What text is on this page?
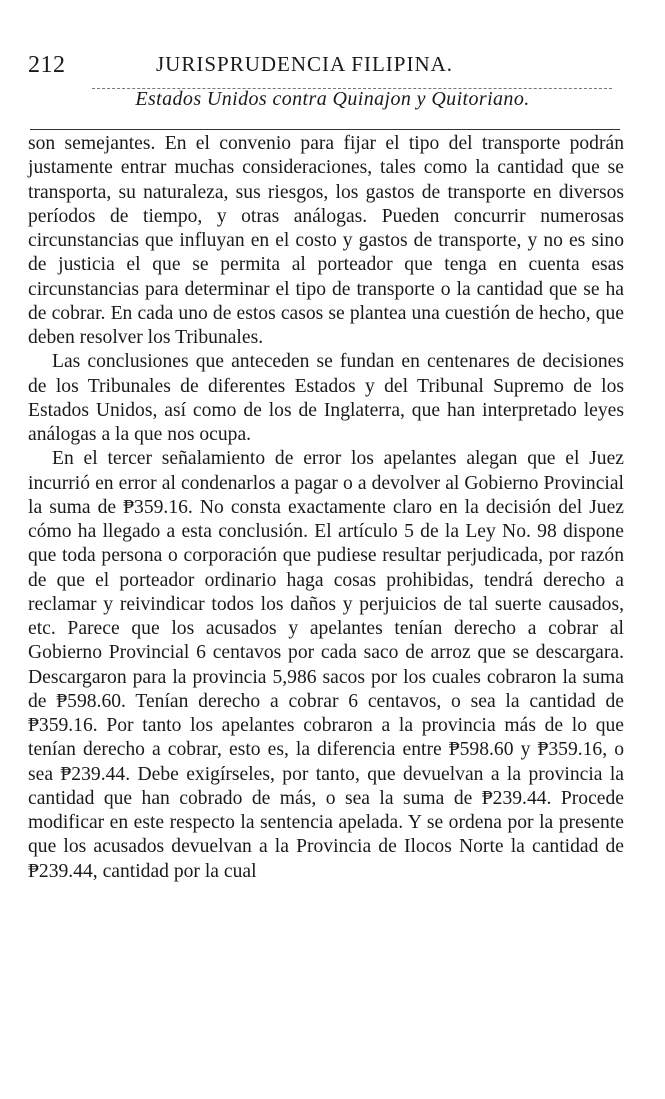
212	JURISPRUDENCIA FILIPINA.
Estados Unidos contra Quinajon y Quitoriano.

son semejantes. En el convenio para fijar el tipo del transporte podrán justamente entrar muchas consideraciones, tales como la cantidad que se transporta, su naturaleza, sus riesgos, los gastos de transporte en diversos períodos de tiempo, y otras análogas. Pueden concurrir numerosas circunstancias que influyan en el costo y gastos de transporte, y no es sino de justicia el que se permita al porteador que tenga en cuenta esas circunstancias para determinar el tipo de transporte o la cantidad que se ha de cobrar. En cada uno de estos casos se plantea una cuestión de hecho, que deben resolver los Tribunales.

Las conclusiones que anteceden se fundan en centenares de decisiones de los Tribunales de diferentes Estados y del Tribunal Supremo de los Estados Unidos, así como de los de Inglaterra, que han interpretado leyes análogas a la que nos ocupa.

En el tercer señalamiento de error los apelantes alegan que el Juez incurrió en error al condenarlos a pagar o a devolver al Gobierno Provincial la suma de ₱359.16. No consta exactamente claro en la decisión del Juez cómo ha llegado a esta conclusión. El artículo 5 de la Ley No. 98 dispone que toda persona o corporación que pudiese resultar perjudicada, por razón de que el porteador ordinario haga cosas prohibidas, tendrá derecho a reclamar y reivindicar todos los daños y perjuicios de tal suerte causados, etc. Parece que los acusados y apelantes tenían derecho a cobrar al Gobierno Provincial 6 centavos por cada saco de arroz que se descargara. Descargaron para la provincia 5,986 sacos por los cuales cobraron la suma de ₱598.60. Tenían derecho a cobrar 6 centavos, o sea la cantidad de ₱359.16. Por tanto los apelantes cobraron a la provincia más de lo que tenían derecho a cobrar, esto es, la diferencia entre ₱598.60 y ₱359.16, o sea ₱239.44. Debe exigírseles, por tanto, que devuelvan a la provincia la cantidad que han cobrado de más, o sea la suma de ₱239.44. Procede modificar en este respecto la sentencia apelada. Y se ordena por la presente que los acusados devuelvan a la Provincia de Ilocos Norte la cantidad de ₱239.44, cantidad por la cual
